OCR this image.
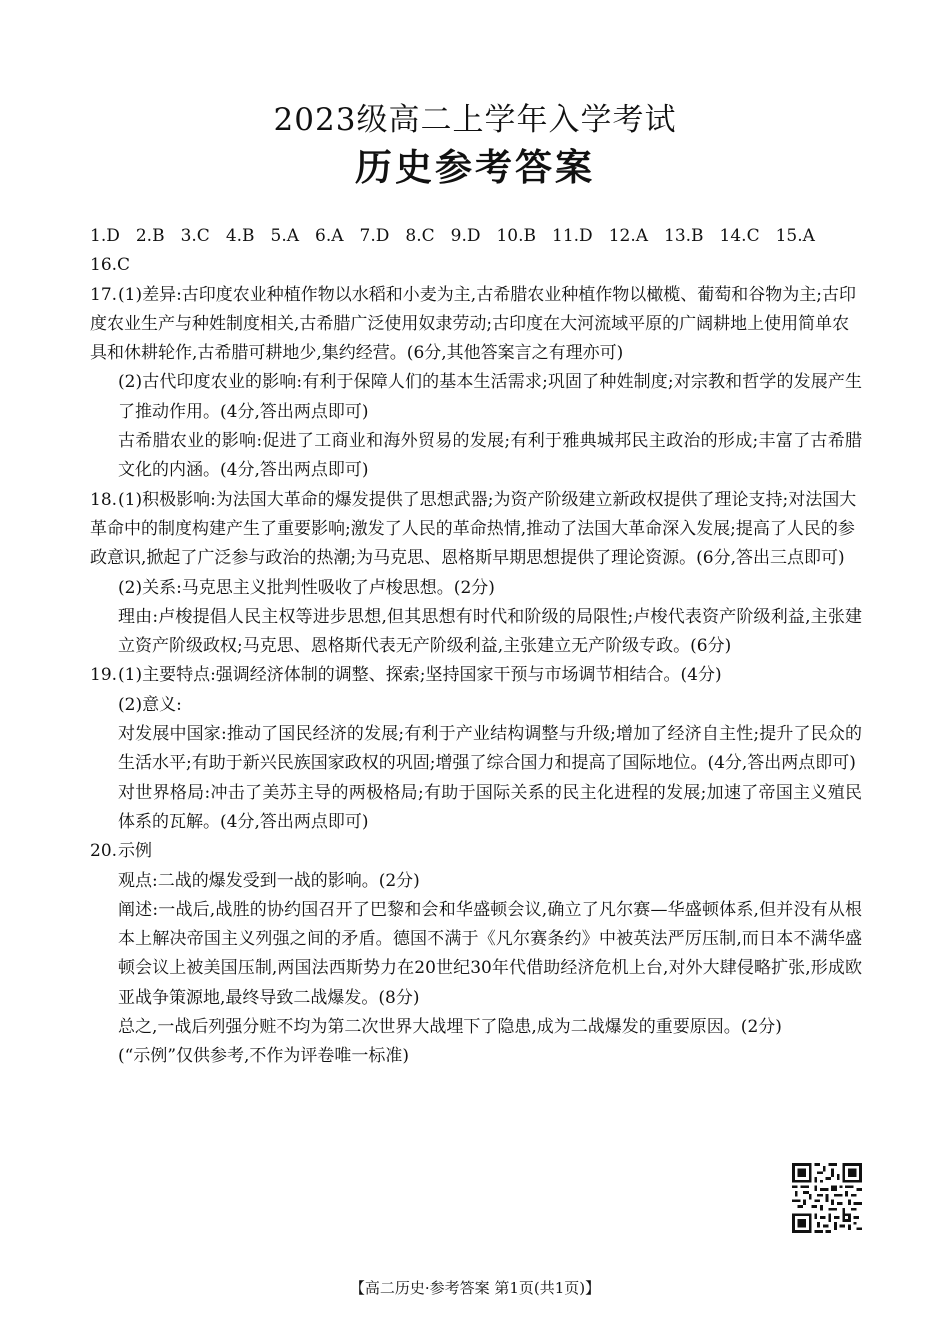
2023级高二上学年入学考试
历史参考答案
1.D 2.B 3.C 4.B 5.A 6.A 7.D 8.C 9.D 10.B 11.D 12.A 13.B 14.C 15.A
16.C
17.(1)差异:古印度农业种植作物以水稻和小麦为主,古希腊农业种植作物以橄榄、葡萄和谷物为主;古印度农业生产与种姓制度相关,古希腊广泛使用奴隶劳动;古印度在大河流域平原的广阔耕地上使用简单农具和休耕轮作,古希腊可耕地少,集约经营。(6分,其他答案言之有理亦可)
(2)古代印度农业的影响:有利于保障人们的基本生活需求;巩固了种姓制度;对宗教和哲学的发展产生了推动作用。(4分,答出两点即可)
古希腊农业的影响:促进了工商业和海外贸易的发展;有利于雅典城邦民主政治的形成;丰富了古希腊文化的内涵。(4分,答出两点即可)
18.(1)积极影响:为法国大革命的爆发提供了思想武器;为资产阶级建立新政权提供了理论支持;对法国大革命中的制度构建产生了重要影响;激发了人民的革命热情,推动了法国大革命深入发展;提高了人民的参政意识,掀起了广泛参与政治的热潮;为马克思、恩格斯早期思想提供了理论资源。(6分,答出三点即可)
(2)关系:马克思主义批判性吸收了卢梭思想。(2分)
理由:卢梭提倡人民主权等进步思想,但其思想有时代和阶级的局限性;卢梭代表资产阶级利益,主张建立资产阶级政权;马克思、恩格斯代表无产阶级利益,主张建立无产阶级专政。(6分)
19.(1)主要特点:强调经济体制的调整、探索;坚持国家干预与市场调节相结合。(4分)
(2)意义:
对发展中国家:推动了国民经济的发展;有利于产业结构调整与升级;增加了经济自主性;提升了民众的生活水平;有助于新兴民族国家政权的巩固;增强了综合国力和提高了国际地位。(4分,答出两点即可)
对世界格局:冲击了美苏主导的两极格局;有助于国际关系的民主化进程的发展;加速了帝国主义殖民体系的瓦解。(4分,答出两点即可)
20.示例
观点:二战的爆发受到一战的影响。(2分)
阐述:一战后,战胜的协约国召开了巴黎和会和华盛顿会议,确立了凡尔赛—华盛顿体系,但并没有从根本上解决帝国主义列强之间的矛盾。德国不满于《凡尔赛条约》中被英法严厉压制,而日本不满华盛顿会议上被美国压制,两国法西斯势力在20世纪30年代借助经济危机上台,对外大肆侵略扩张,形成欧亚战争策源地,最终导致二战爆发。(8分)
总之,一战后列强分赃不均为第二次世界大战埋下了隐患,成为二战爆发的重要原因。(2分)
(“示例”仅供参考,不作为评卷唯一标准)
【高二历史·参考答案 第1页(共1页)】
